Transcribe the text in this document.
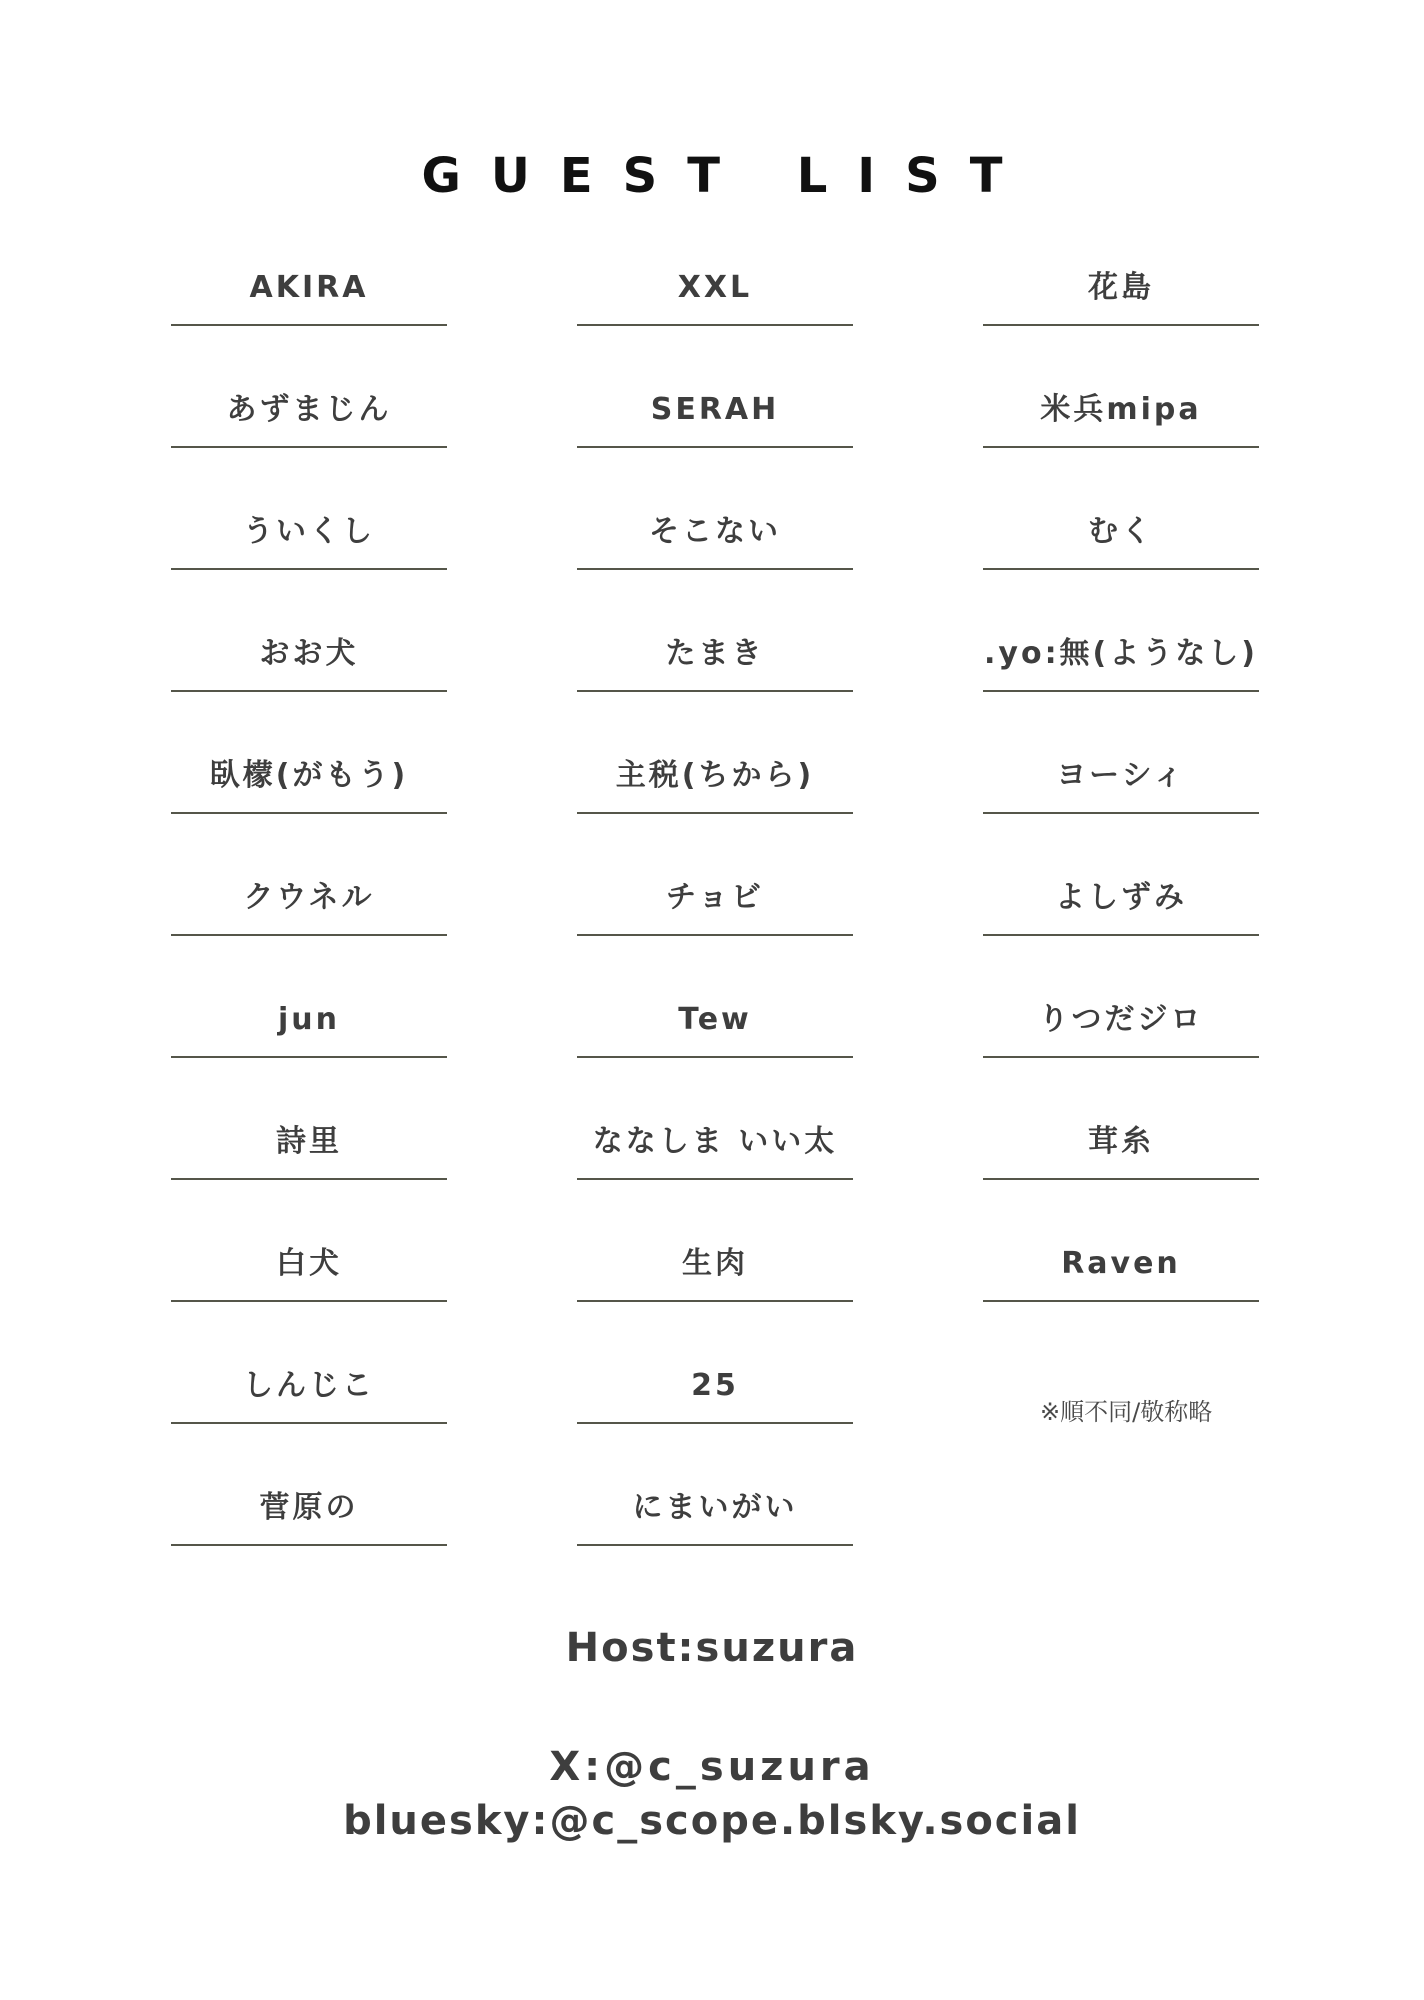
GUEST LIST
AKIRA
あずまじん
ういくし
おお犬
臥檬(がもう)
クウネル
jun
詩里
白犬
しんじこ
菅原の
XXL
SERAH
そこない
たまき
主税(ちから)
チョビ
Tew
ななしま いい太
生肉
25
にまいがい
花島
米兵mipa
むく
.yo:無(ようなし)
ヨーシィ
よしずみ
りつだジロ
茸糸
Raven
※順不同/敬称略
Host:suzura
X:@c_suzura
bluesky:@c_scope.blsky.social
